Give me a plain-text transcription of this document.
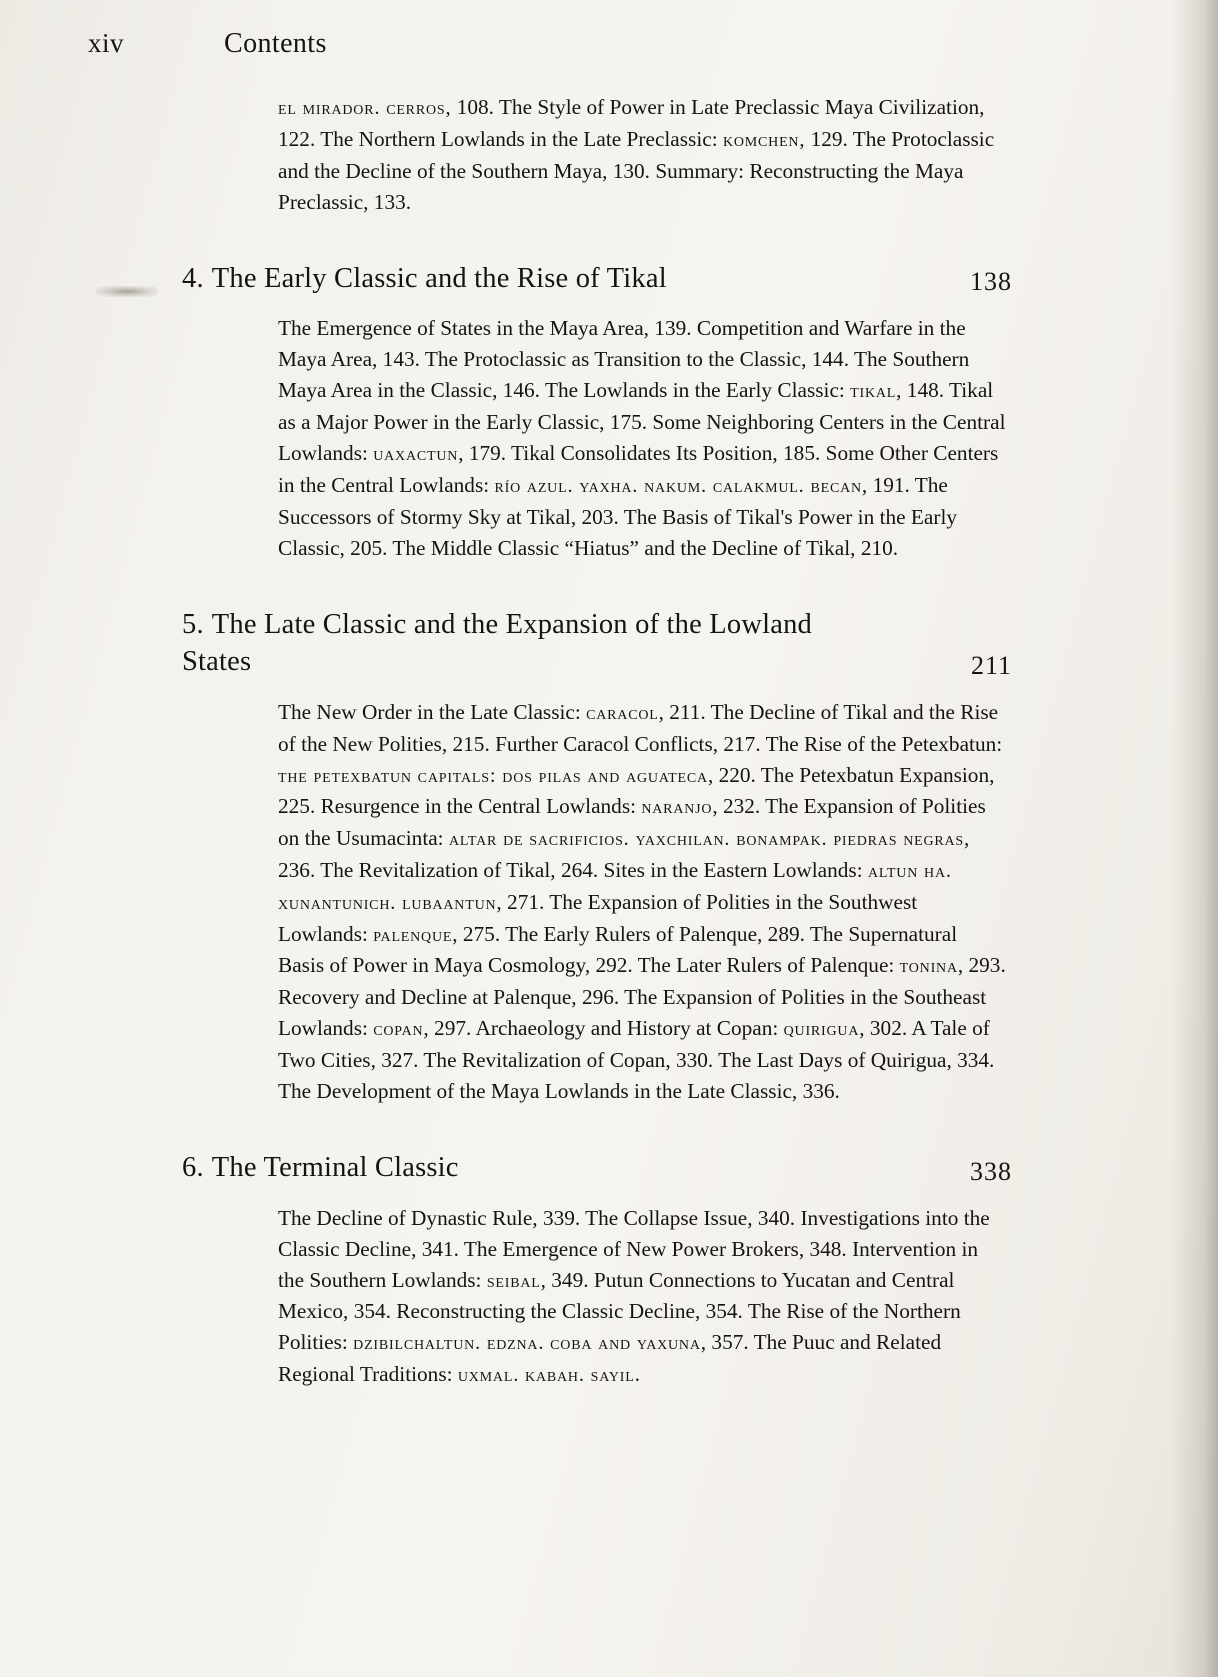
xiv	Contents
el mirador. cerros, 108. The Style of Power in Late Preclassic Maya Civilization, 122. The Northern Lowlands in the Late Preclassic: komchen, 129. The Protoclassic and the Decline of the Southern Maya, 130. Summary: Reconstructing the Maya Preclassic, 133.
4. The Early Classic and the Rise of Tikal	138
The Emergence of States in the Maya Area, 139. Competition and Warfare in the Maya Area, 143. The Protoclassic as Transition to the Classic, 144. The Southern Maya Area in the Classic, 146. The Lowlands in the Early Classic: tikal, 148. Tikal as a Major Power in the Early Classic, 175. Some Neighboring Centers in the Central Lowlands: uaxactun, 179. Tikal Consolidates Its Position, 185. Some Other Centers in the Central Lowlands: río azul. yaxha. nakum. calakmul. becan, 191. The Successors of Stormy Sky at Tikal, 203. The Basis of Tikal's Power in the Early Classic, 205. The Middle Classic “Hiatus” and the Decline of Tikal, 210.
5. The Late Classic and the Expansion of the Lowland States	211
The New Order in the Late Classic: caracol, 211. The Decline of Tikal and the Rise of the New Polities, 215. Further Caracol Conflicts, 217. The Rise of the Petexbatun: the petexbatun capitals: dos pilas and aguateca, 220. The Petexbatun Expansion, 225. Resurgence in the Central Lowlands: naranjo, 232. The Expansion of Polities on the Usumacinta: altar de sacrificios. yaxchilan. bonampak. piedras negras, 236. The Revitalization of Tikal, 264. Sites in the Eastern Lowlands: altun ha. xunantunich. lubaantun, 271. The Expansion of Polities in the Southwest Lowlands: palenque, 275. The Early Rulers of Palenque, 289. The Supernatural Basis of Power in Maya Cosmology, 292. The Later Rulers of Palenque: tonina, 293. Recovery and Decline at Palenque, 296. The Expansion of Polities in the Southeast Lowlands: copan, 297. Archaeology and History at Copan: quirigua, 302. A Tale of Two Cities, 327. The Revitalization of Copan, 330. The Last Days of Quirigua, 334. The Development of the Maya Lowlands in the Late Classic, 336.
6. The Terminal Classic	338
The Decline of Dynastic Rule, 339. The Collapse Issue, 340. Investigations into the Classic Decline, 341. The Emergence of New Power Brokers, 348. Intervention in the Southern Lowlands: seibal, 349. Putun Connections to Yucatan and Central Mexico, 354. Reconstructing the Classic Decline, 354. The Rise of the Northern Polities: dzibilchaltun. edzna. coba and yaxuna, 357. The Puuc and Related Regional Traditions: uxmal. kabah. sayil.
